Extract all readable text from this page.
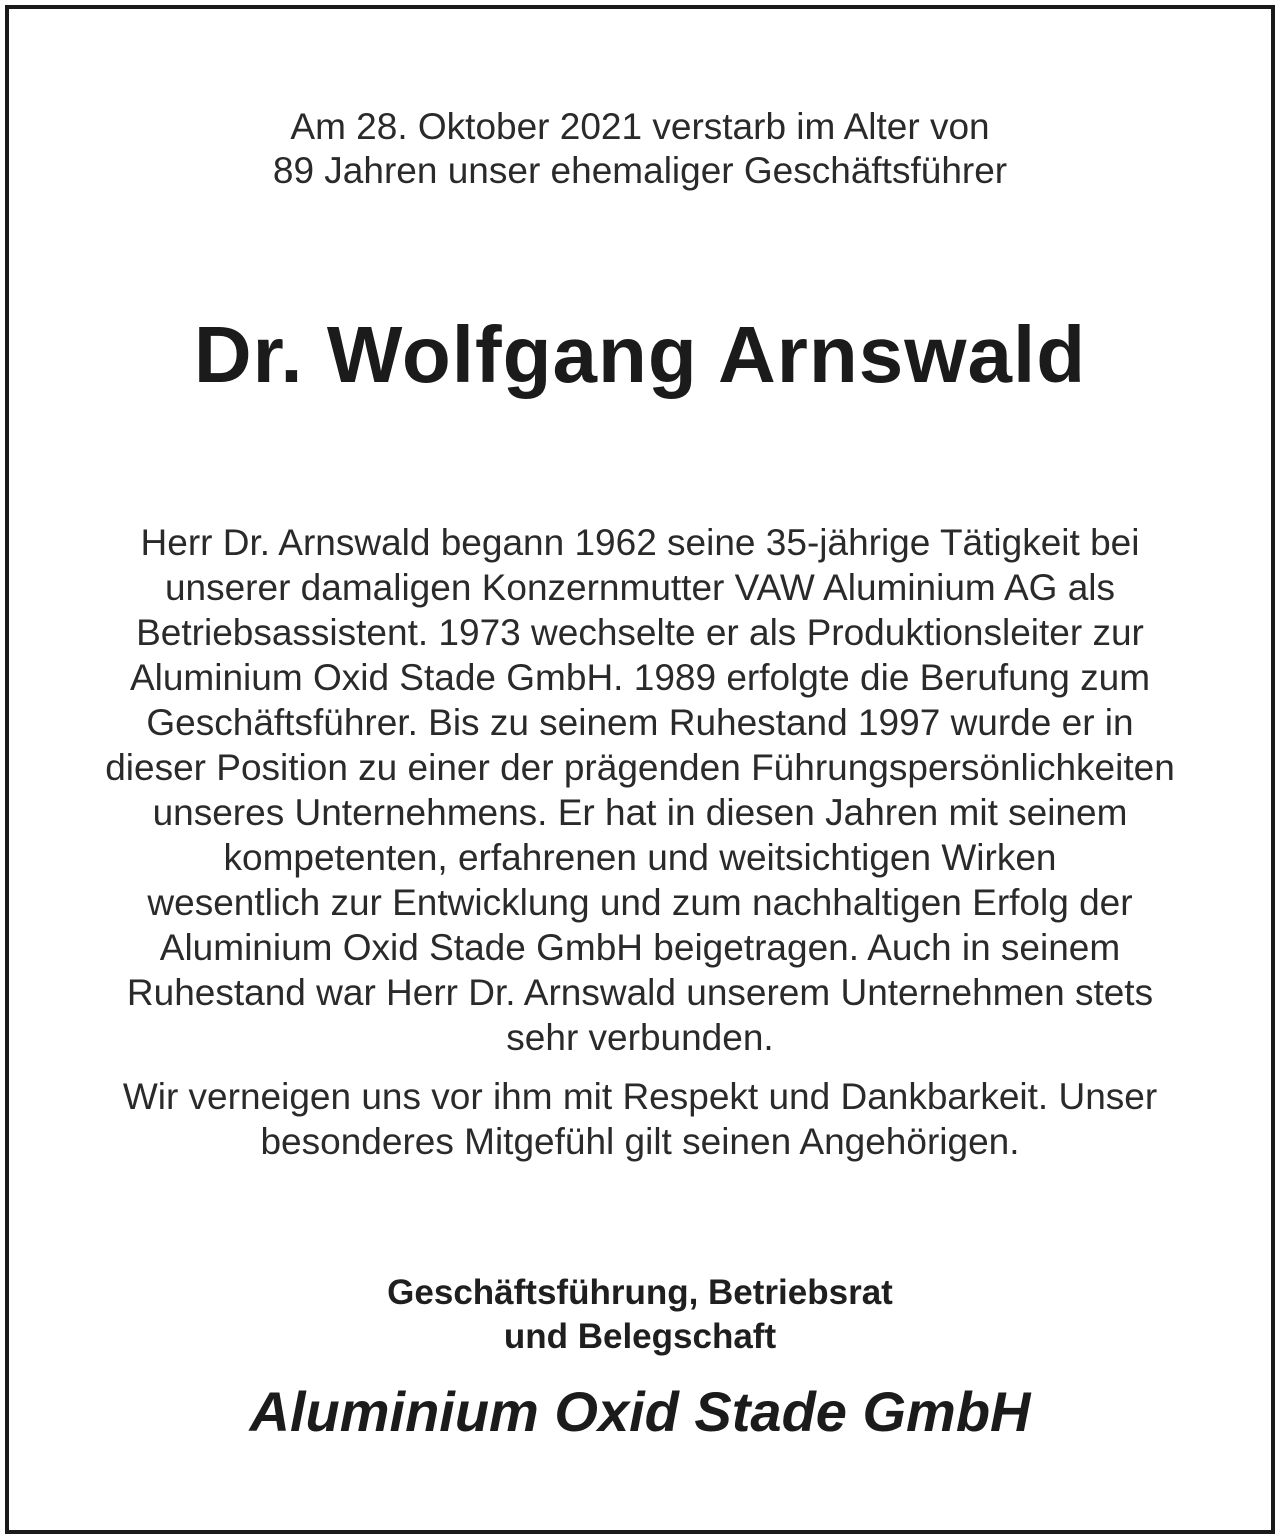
Am 28. Oktober 2021 verstarb im Alter von
89 Jahren unser ehemaliger Geschäftsführer
Dr. Wolfgang Arnswald
Herr Dr. Arnswald begann 1962 seine 35-jährige Tätigkeit bei
unserer damaligen Konzernmutter VAW Aluminium AG als
Betriebsassistent. 1973 wechselte er als Produktionsleiter zur
Aluminium Oxid Stade GmbH. 1989 erfolgte die Berufung zum
Geschäftsführer. Bis zu seinem Ruhestand 1997 wurde er in
dieser Position zu einer der prägenden Führungspersönlichkeiten
unseres Unternehmens. Er hat in diesen Jahren mit seinem
kompetenten, erfahrenen und weitsichtigen Wirken
wesentlich zur Entwicklung und zum nachhaltigen Erfolg der
Aluminium Oxid Stade GmbH beigetragen. Auch in seinem
Ruhestand war Herr Dr. Arnswald unserem Unternehmen stets
sehr verbunden.
Wir verneigen uns vor ihm mit Respekt und Dankbarkeit. Unser
besonderes Mitgefühl gilt seinen Angehörigen.
Geschäftsführung, Betriebsrat
und Belegschaft
Aluminium Oxid Stade GmbH
